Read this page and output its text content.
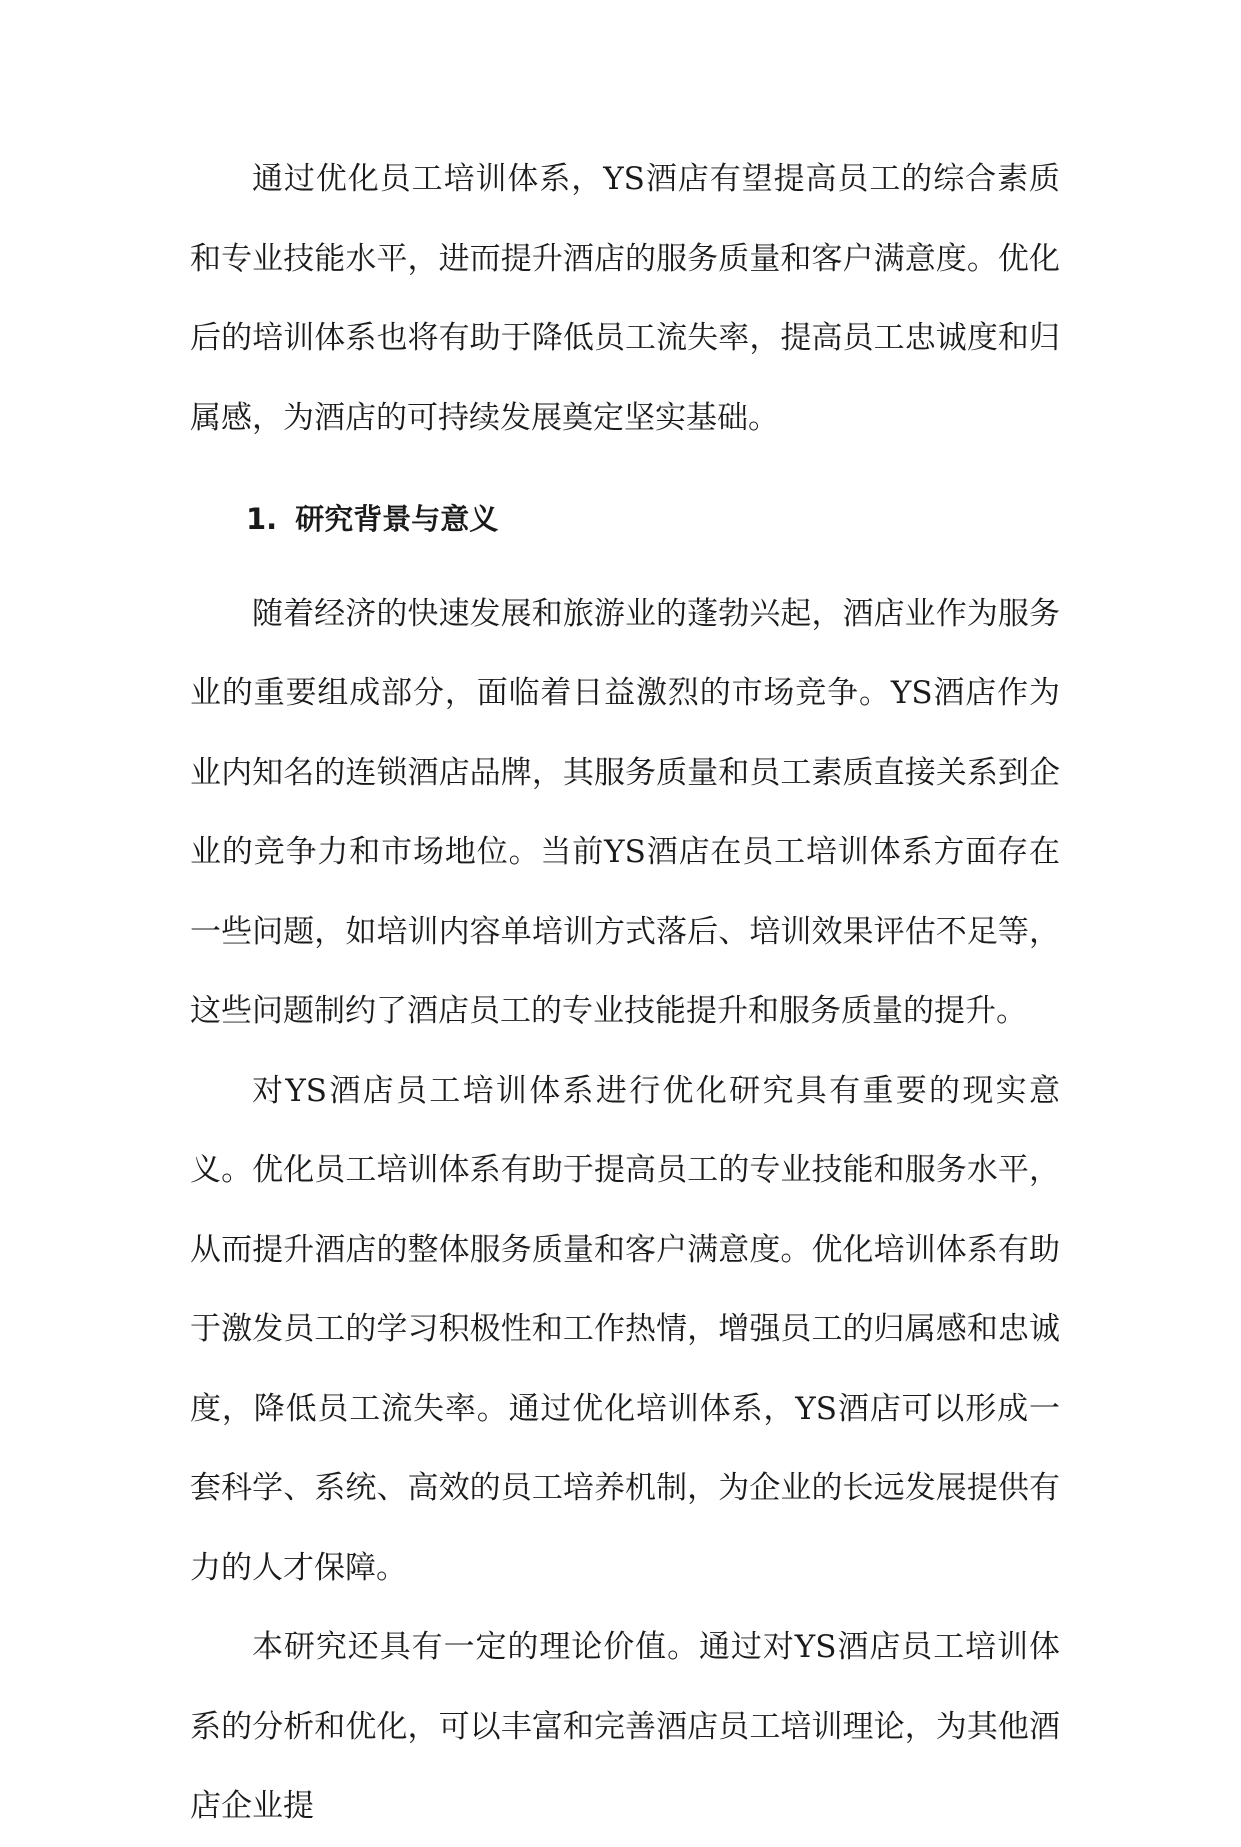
通过优化员工培训体系，YS酒店有望提高员工的综合素质和专业技能水平，进而提升酒店的服务质量和客户满意度。优化后的培训体系也将有助于降低员工流失率，提高员工忠诚度和归属感，为酒店的可持续发展奠定坚实基础。

1. 研究背景与意义

随着经济的快速发展和旅游业的蓬勃兴起，酒店业作为服务业的重要组成部分，面临着日益激烈的市场竞争。YS酒店作为业内知名的连锁酒店品牌，其服务质量和员工素质直接关系到企业的竞争力和市场地位。当前YS酒店在员工培训体系方面存在一些问题，如培训内容单培训方式落后、培训效果评估不足等，这些问题制约了酒店员工的专业技能提升和服务质量的提升。

对YS酒店员工培训体系进行优化研究具有重要的现实意义。优化员工培训体系有助于提高员工的专业技能和服务水平，从而提升酒店的整体服务质量和客户满意度。优化培训体系有助于激发员工的学习积极性和工作热情，增强员工的归属感和忠诚度，降低员工流失率。通过优化培训体系，YS酒店可以形成一套科学、系统、高效的员工培养机制，为企业的长远发展提供有力的人才保障。

本研究还具有一定的理论价值。通过对YS酒店员工培训体系的分析和优化，可以丰富和完善酒店员工培训理论，为其他酒店企业提
